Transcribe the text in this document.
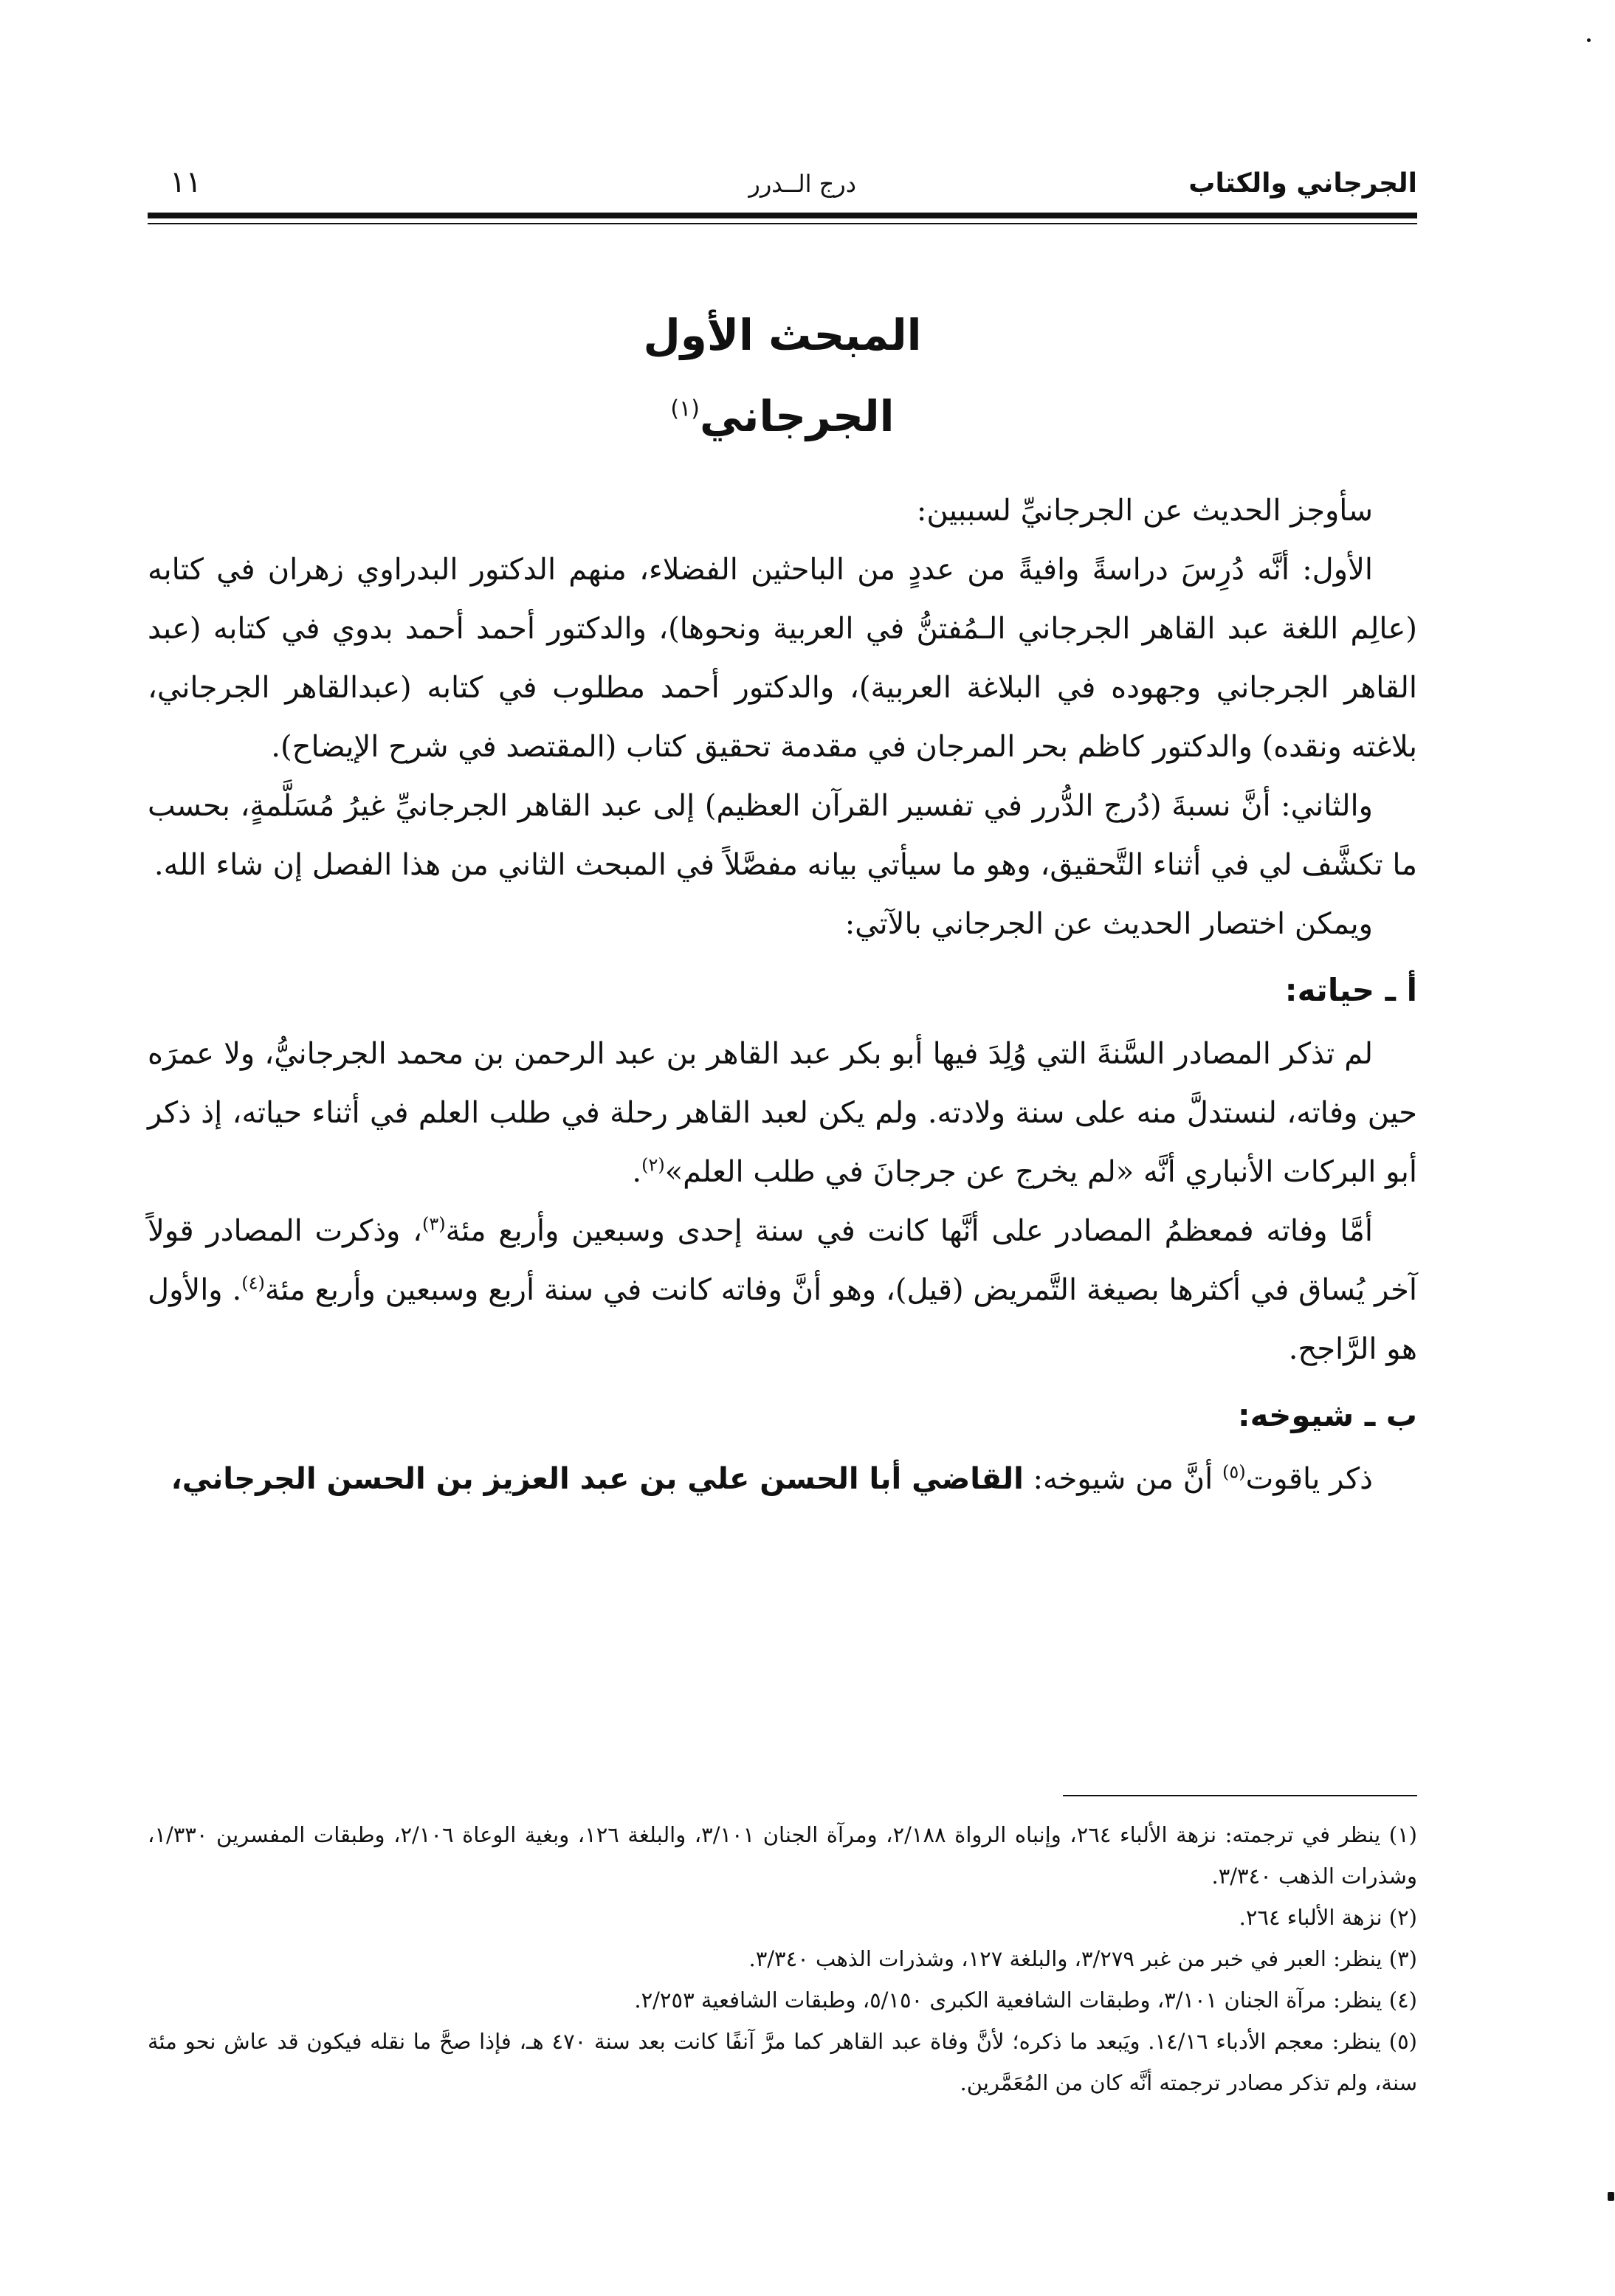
الجرجاني والكتاب
درج الــدرر
١١
المبحث الأول
الجرجاني$^{(١)}$

سأوجز الحديث عن الجرجانيِّ لسببين:

الأول: أنَّه دُرِسَ دراسةً وافيةً من عددٍ من الباحثين الفضلاء، منهم الدكتور البدراوي زهران في كتابه (عالِم اللغة عبد القاهر الجرجاني الـمُفتنُّ في العربية ونحوها)، والدكتور أحمد أحمد بدوي في كتابه (عبد القاهر الجرجاني وجهوده في البلاغة العربية)، والدكتور أحمد مطلوب في كتابه (عبدالقاهر الجرجاني، بلاغته ونقده) والدكتور كاظم بحر المرجان في مقدمة تحقيق كتاب (المقتصد في شرح الإيضاح).

والثاني: أنَّ نسبةَ (دُرج الدُّرر في تفسير القرآن العظيم) إلى عبد القاهر الجرجانيِّ غيرُ مُسَلَّمةٍ، بحسب ما تكشَّف لي في أثناء التَّحقيق، وهو ما سيأتي بيانه مفصَّلاً في المبحث الثاني من هذا الفصل إن شاء الله.

ويمكن اختصار الحديث عن الجرجاني بالآتي:

أ ـ حياته:

لم تذكر المصادر السَّنةَ التي وُلِدَ فيها أبو بكر عبد القاهر بن عبد الرحمن بن محمد الجرجانيُّ، ولا عمرَه حين وفاته، لنستدلَّ منه على سنة ولادته. ولم يكن لعبد القاهر رحلة في طلب العلم في أثناء حياته، إذ ذكر أبو البركات الأنباري أنَّه «لم يخرج عن جرجانَ في طلب العلم»$^{(٢)}$.

أمَّا وفاته فمعظمُ المصادر على أنَّها كانت في سنة إحدى وسبعين وأربع مئة$^{(٣)}$، وذكرت المصادر قولاً آخر يُساق في أكثرها بصيغة التَّمريض (قيل)، وهو أنَّ وفاته كانت في سنة أربع وسبعين وأربع مئة$^{(٤)}$. والأول هو الرَّاجح.

ب ـ شيوخه:

ذكر ياقوت$^{(٥)}$ أنَّ من شيوخه: القاضي أبا الحسن علي بن عبد العزيز بن الحسن الجرجاني،

(١) ينظر في ترجمته: نزهة الألباء ٢٦٤، وإنباه الرواة ٢/١٨٨، ومرآة الجنان ٣/١٠١، والبلغة ١٢٦، وبغية الوعاة ٢/١٠٦، وطبقات المفسرين ١/٣٣٠، وشذرات الذهب ٣/٣٤٠.

(٢) نزهة الألباء ٢٦٤.

(٣) ينظر: العبر في خبر من غبر ٣/٢٧٩، والبلغة ١٢٧، وشذرات الذهب ٣/٣٤٠.

(٤) ينظر: مرآة الجنان ٣/١٠١، وطبقات الشافعية الكبرى ٥/١٥٠، وطبقات الشافعية ٢/٢٥٣.

(٥) ينظر: معجم الأدباء ١٤/١٦. ويَبعد ما ذكره؛ لأنَّ وفاة عبد القاهر كما مرَّ آنفًا كانت بعد سنة ٤٧٠ هـ، فإذا صحَّ ما نقله فيكون قد عاش نحو مئة سنة، ولم تذكر مصادر ترجمته أنَّه كان من المُعَمَّرين.
